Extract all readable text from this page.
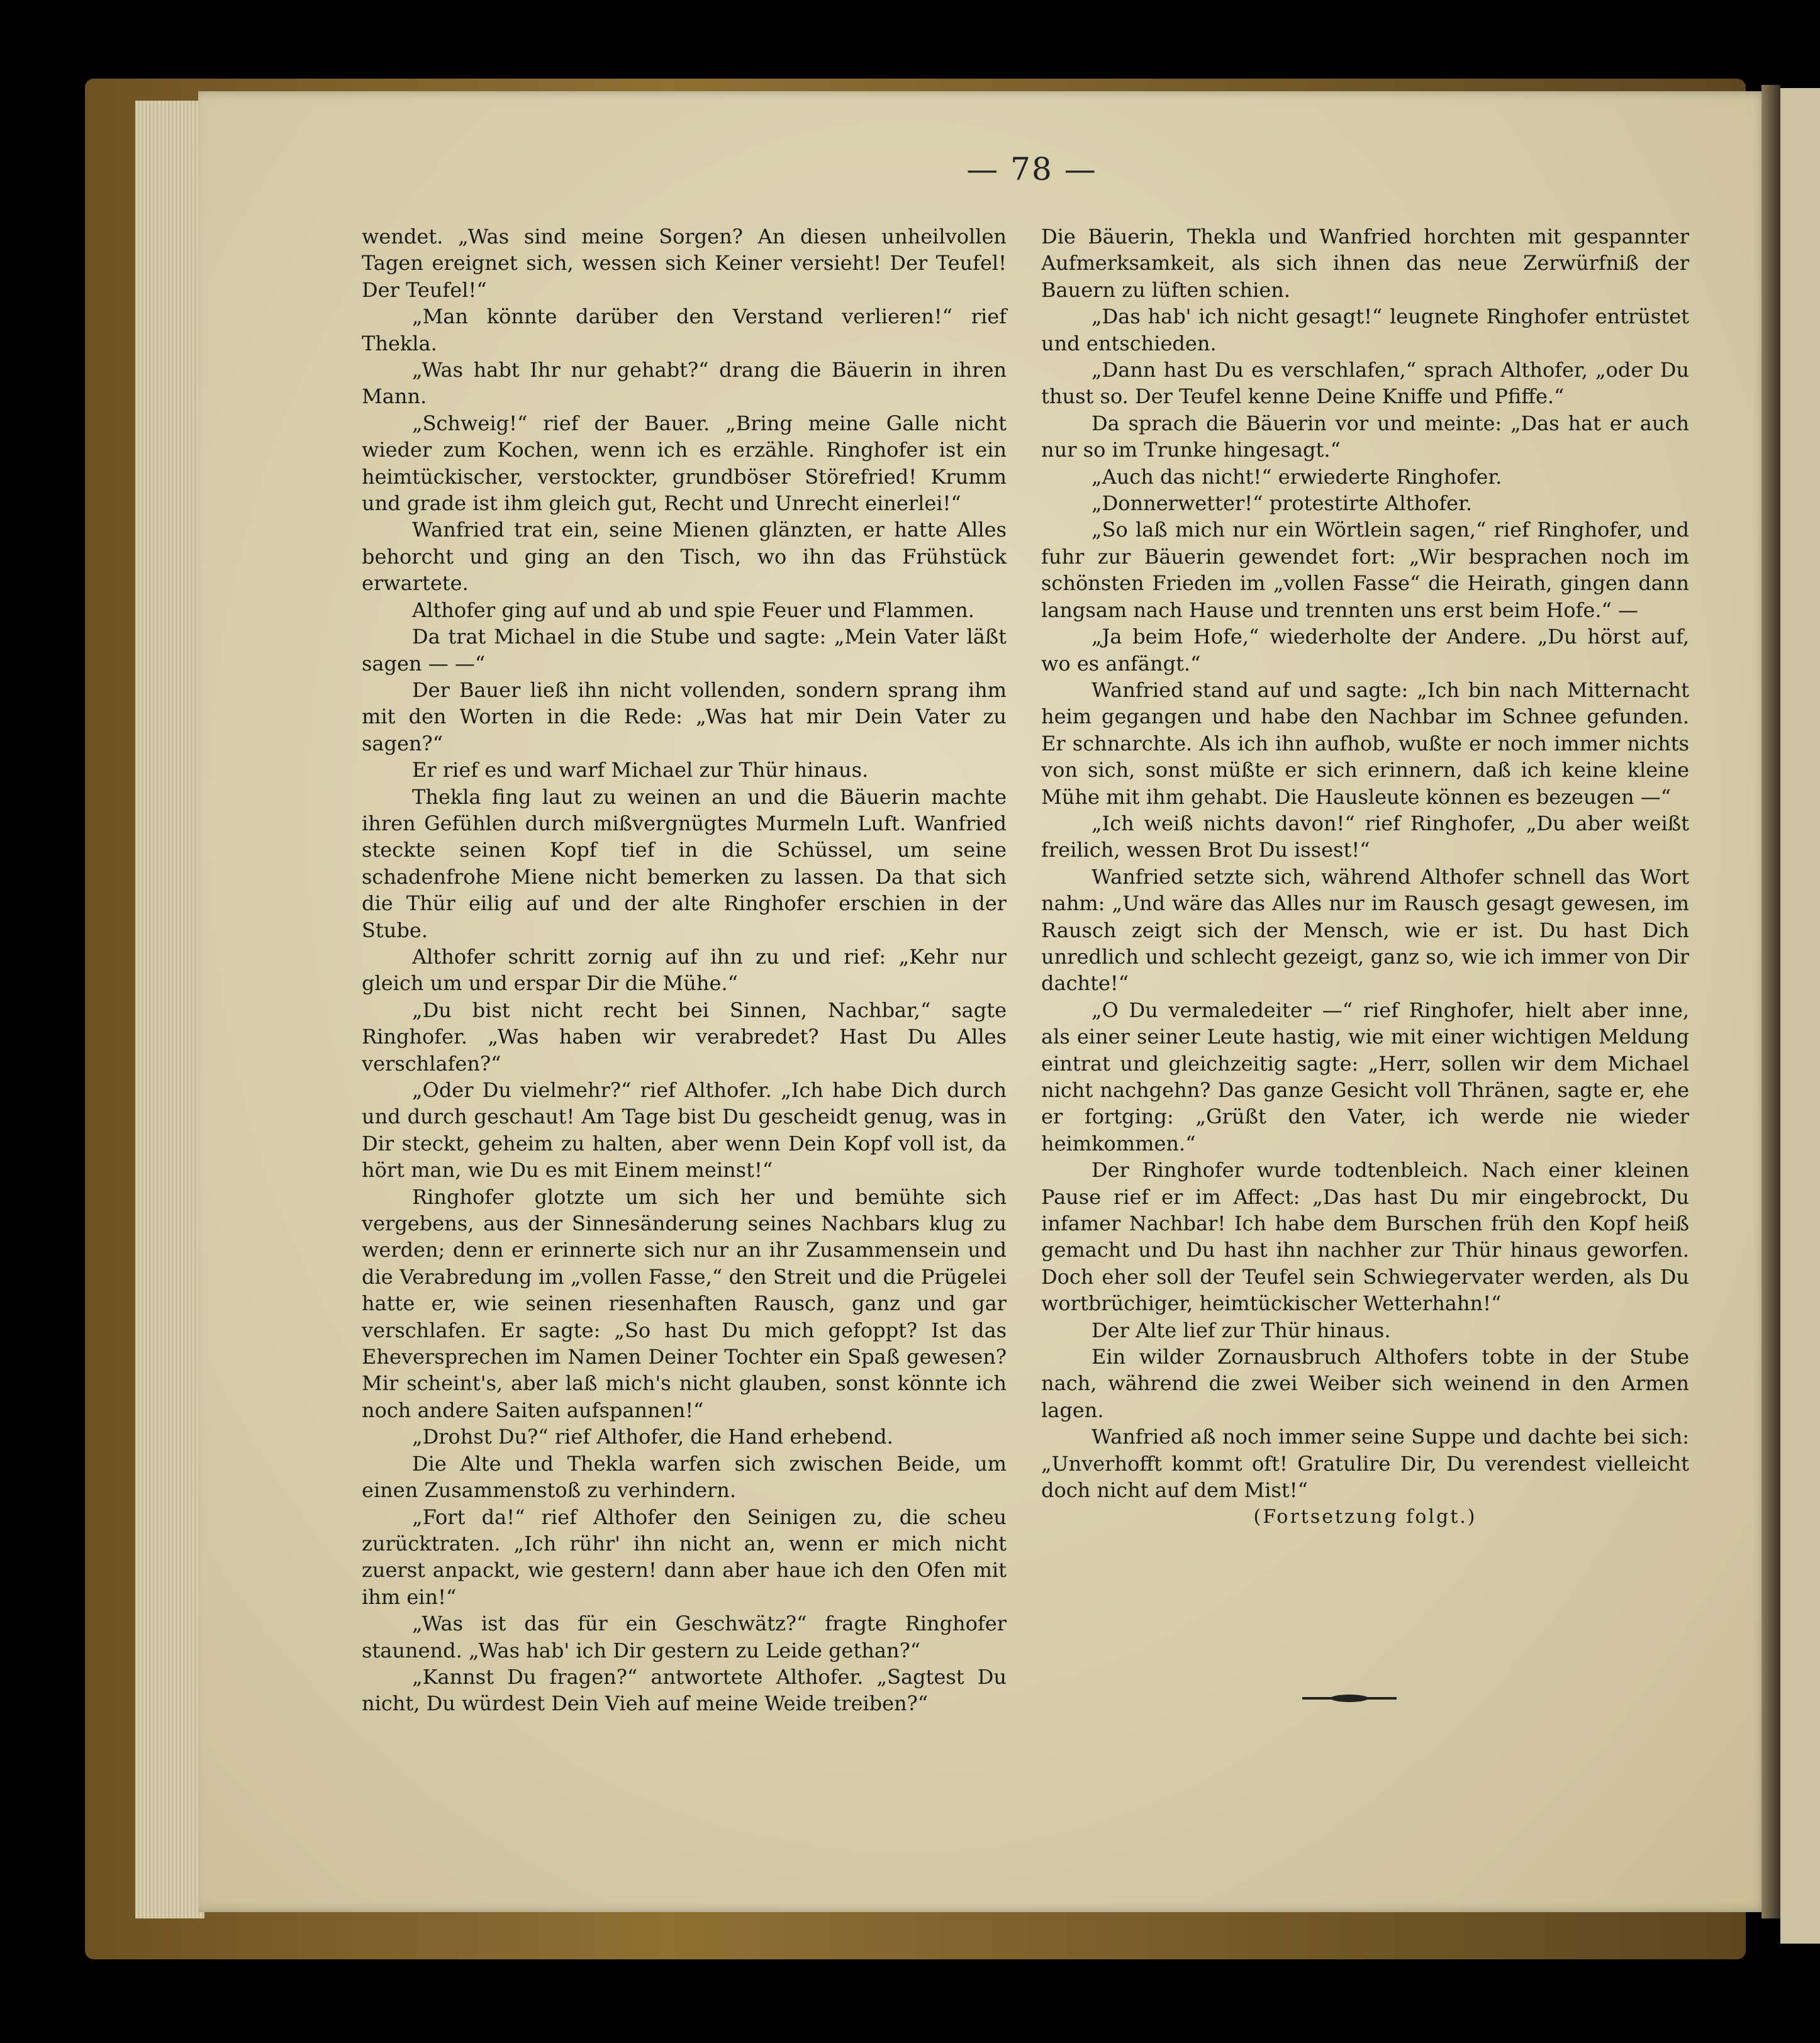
— 78 —

wendet. „Was sind meine Sorgen? An diesen unheilvollen Tagen ereignet sich, wessen sich Keiner versieht! Der Teufel! Der Teufel!“

„Man könnte darüber den Verstand verlieren!“ rief Thekla.

„Was habt Ihr nur gehabt?“ drang die Bäuerin in ihren Mann.

„Schweig!“ rief der Bauer. „Bring meine Galle nicht wieder zum Kochen, wenn ich es erzähle. Ringhofer ist ein heimtückischer, verstockter, grundböser Störefried! Krumm und grade ist ihm gleich gut, Recht und Unrecht einerlei!“

Wanfried trat ein, seine Mienen glänzten, er hatte Alles behorcht und ging an den Tisch, wo ihn das Frühstück erwartete.

Althofer ging auf und ab und spie Feuer und Flammen.

Da trat Michael in die Stube und sagte: „Mein Vater läßt sagen — —“

Der Bauer ließ ihn nicht vollenden, sondern sprang ihm mit den Worten in die Rede: „Was hat mir Dein Vater zu sagen?“

Er rief es und warf Michael zur Thür hinaus.

Thekla fing laut zu weinen an und die Bäuerin machte ihren Gefühlen durch mißvergnügtes Murmeln Luft. Wanfried steckte seinen Kopf tief in die Schüssel, um seine schadenfrohe Miene nicht bemerken zu lassen. Da that sich die Thür eilig auf und der alte Ringhofer erschien in der Stube.

Althofer schritt zornig auf ihn zu und rief: „Kehr nur gleich um und erspar Dir die Mühe.“

„Du bist nicht recht bei Sinnen, Nachbar,“ sagte Ringhofer. „Was haben wir verabredet? Hast Du Alles verschlafen?“

„Oder Du vielmehr?“ rief Althofer. „Ich habe Dich durch und durch geschaut! Am Tage bist Du gescheidt genug, was in Dir steckt, geheim zu halten, aber wenn Dein Kopf voll ist, da hört man, wie Du es mit Einem meinst!“

Ringhofer glotzte um sich her und bemühte sich vergebens, aus der Sinnesänderung seines Nachbars klug zu werden; denn er erinnerte sich nur an ihr Zusammensein und die Verabredung im „vollen Fasse,“ den Streit und die Prügelei hatte er, wie seinen riesenhaften Rausch, ganz und gar verschlafen. Er sagte: „So hast Du mich gefoppt? Ist das Eheversprechen im Namen Deiner Tochter ein Spaß gewesen? Mir scheint's, aber laß mich's nicht glauben, sonst könnte ich noch andere Saiten aufspannen!“

„Drohst Du?“ rief Althofer, die Hand erhebend.

Die Alte und Thekla warfen sich zwischen Beide, um einen Zusammenstoß zu verhindern.

„Fort da!“ rief Althofer den Seinigen zu, die scheu zurücktraten. „Ich rühr' ihn nicht an, wenn er mich nicht zuerst anpackt, wie gestern! dann aber haue ich den Ofen mit ihm ein!“

„Was ist das für ein Geschwätz?“ fragte Ringhofer staunend. „Was hab' ich Dir gestern zu Leide gethan?“

„Kannst Du fragen?“ antwortete Althofer. „Sagtest Du nicht, Du würdest Dein Vieh auf meine Weide treiben?“

Die Bäuerin, Thekla und Wanfried horchten mit gespannter Aufmerksamkeit, als sich ihnen das neue Zerwürfniß der Bauern zu lüften schien.

„Das hab' ich nicht gesagt!“ leugnete Ringhofer entrüstet und entschieden.

„Dann hast Du es verschlafen,“ sprach Althofer, „oder Du thust so. Der Teufel kenne Deine Kniffe und Pfiffe.“

Da sprach die Bäuerin vor und meinte: „Das hat er auch nur so im Trunke hingesagt.“

„Auch das nicht!“ erwiederte Ringhofer.

„Donnerwetter!“ protestirte Althofer.

„So laß mich nur ein Wörtlein sagen,“ rief Ringhofer, und fuhr zur Bäuerin gewendet fort: „Wir besprachen noch im schönsten Frieden im „vollen Fasse“ die Heirath, gingen dann langsam nach Hause und trennten uns erst beim Hofe.“ —

„Ja beim Hofe,“ wiederholte der Andere. „Du hörst auf, wo es anfängt.“

Wanfried stand auf und sagte: „Ich bin nach Mitternacht heim gegangen und habe den Nachbar im Schnee gefunden. Er schnarchte. Als ich ihn aufhob, wußte er noch immer nichts von sich, sonst müßte er sich erinnern, daß ich keine kleine Mühe mit ihm gehabt. Die Hausleute können es bezeugen —“

„Ich weiß nichts davon!“ rief Ringhofer, „Du aber weißt freilich, wessen Brot Du issest!“

Wanfried setzte sich, während Althofer schnell das Wort nahm: „Und wäre das Alles nur im Rausch gesagt gewesen, im Rausch zeigt sich der Mensch, wie er ist. Du hast Dich unredlich und schlecht gezeigt, ganz so, wie ich immer von Dir dachte!“

„O Du vermaledeiter —“ rief Ringhofer, hielt aber inne, als einer seiner Leute hastig, wie mit einer wichtigen Meldung eintrat und gleichzeitig sagte: „Herr, sollen wir dem Michael nicht nachgehn? Das ganze Gesicht voll Thränen, sagte er, ehe er fortging: „Grüßt den Vater, ich werde nie wieder heimkommen.“

Der Ringhofer wurde todtenbleich. Nach einer kleinen Pause rief er im Affect: „Das hast Du mir eingebrockt, Du infamer Nachbar! Ich habe dem Burschen früh den Kopf heiß gemacht und Du hast ihn nachher zur Thür hinaus geworfen. Doch eher soll der Teufel sein Schwiegervater werden, als Du wortbrüchiger, heimtückischer Wetterhahn!“

Der Alte lief zur Thür hinaus.

Ein wilder Zornausbruch Althofers tobte in der Stube nach, während die zwei Weiber sich weinend in den Armen lagen.

Wanfried aß noch immer seine Suppe und dachte bei sich: „Unverhofft kommt oft! Gratulire Dir, Du verendest vielleicht doch nicht auf dem Mist!“

(Fortsetzung folgt.)
